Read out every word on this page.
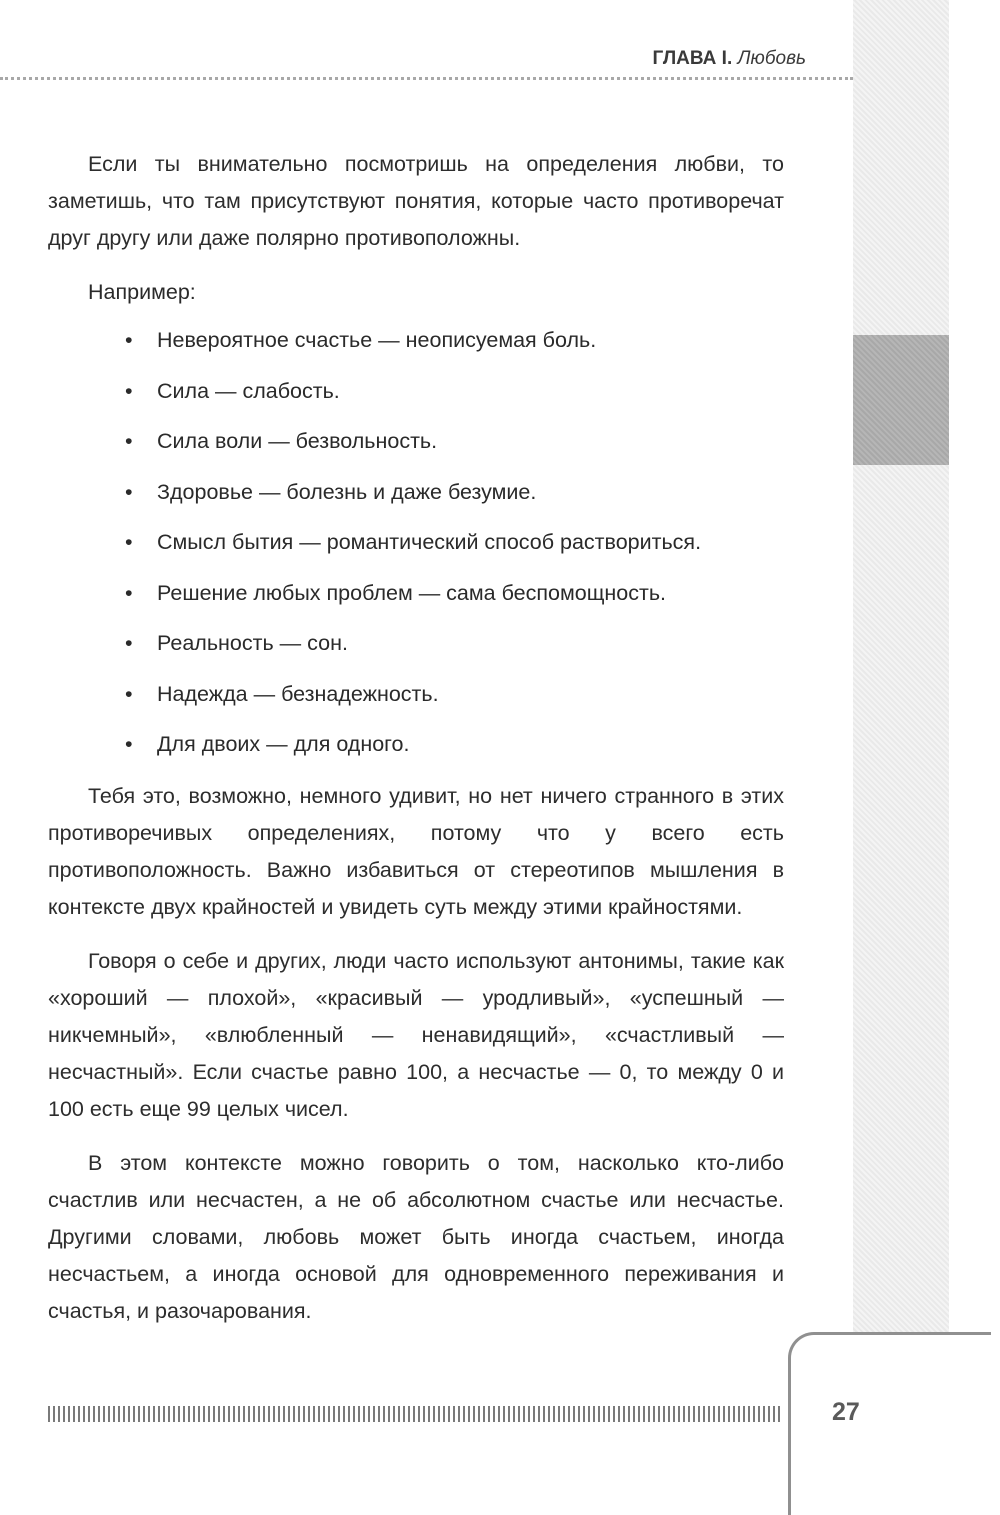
ГЛАВА I. Любовь

Если ты внимательно посмотришь на определения любви, то заметишь, что там присутствуют понятия, которые часто противоречат друг другу или даже полярно противоположны.

Например:

• Невероятное счастье — неописуемая боль.
• Сила — слабость.
• Сила воли — безвольность.
• Здоровье — болезнь и даже безумие.
• Смысл бытия — романтический способ раствориться.
• Решение любых проблем — сама беспомощность.
• Реальность — сон.
• Надежда — безнадежность.
• Для двоих — для одного.

Тебя это, возможно, немного удивит, но нет ничего странного в этих противоречивых определениях, потому что у всего есть противоположность. Важно избавиться от стереотипов мышления в контексте двух крайностей и увидеть суть между этими крайностями.

Говоря о себе и других, люди часто используют антонимы, такие как «хороший — плохой», «красивый — уродливый», «успешный — никчемный», «влюбленный — ненавидящий», «счастливый — несчастный». Если счастье равно 100, а несчастье — 0, то между 0 и 100 есть еще 99 целых чисел.

В этом контексте можно говорить о том, насколько кто-либо счастлив или несчастен, а не об абсолютном счастье или несчастье. Другими словами, любовь может быть иногда счастьем, иногда несчастьем, а иногда основой для одновременного переживания и счастья, и разочарования.

27
